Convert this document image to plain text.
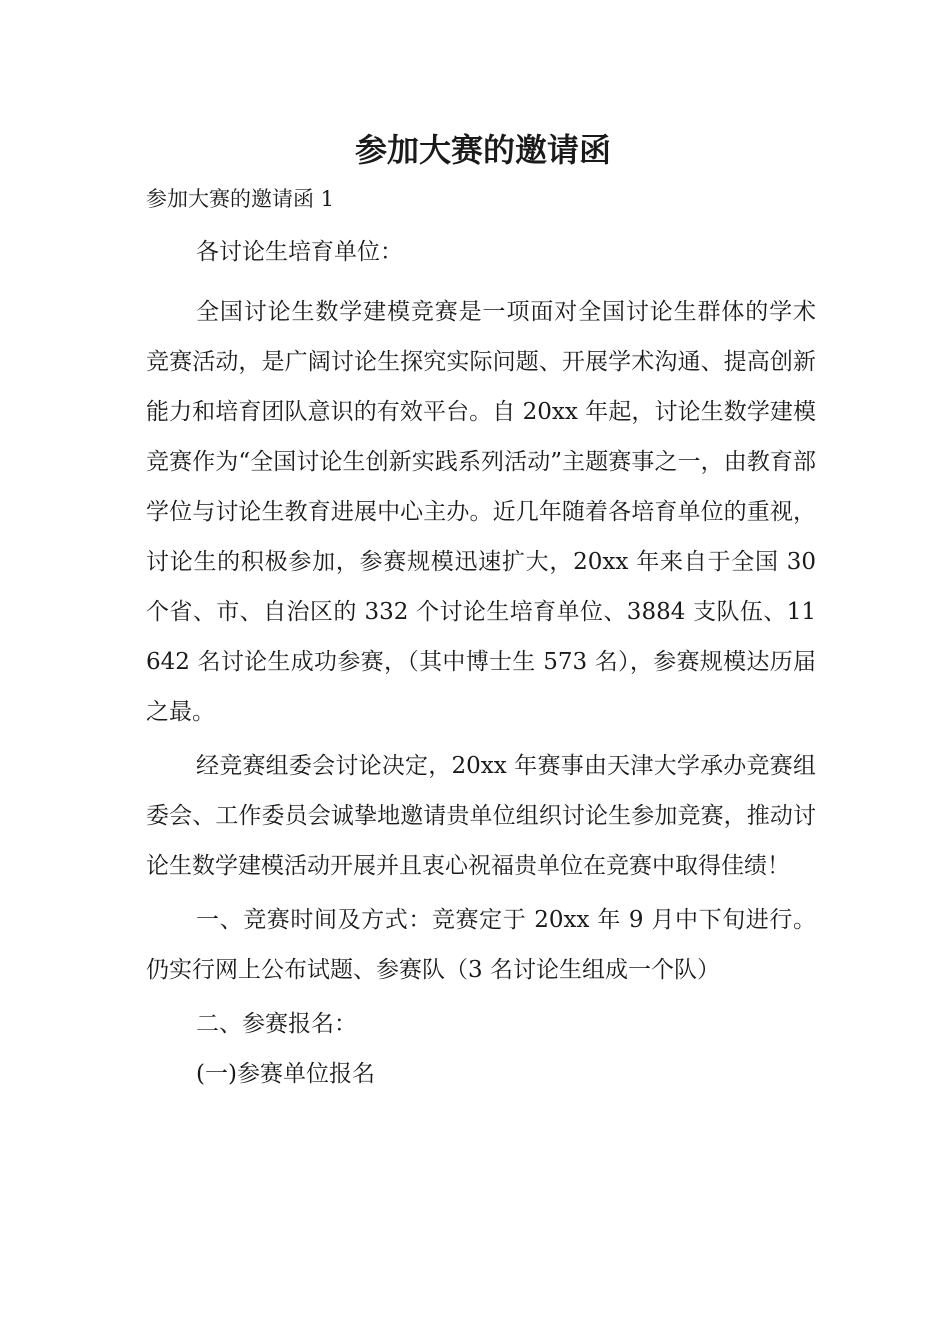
参加大赛的邀请函

参加大赛的邀请函 1

各讨论生培育单位：

全国讨论生数学建模竞赛是一项面对全国讨论生群体的学术竞赛活动，是广阔讨论生探究实际问题、开展学术沟通、提高创新能力和培育团队意识的有效平台。自 20xx 年起，讨论生数学建模竞赛作为“全国讨论生创新实践系列活动”主题赛事之一，由教育部学位与讨论生教育进展中心主办。近几年随着各培育单位的重视，讨论生的积极参加，参赛规模迅速扩大，20xx 年来自于全国 30 个省、市、自治区的 332 个讨论生培育单位、3884 支队伍、11642 名讨论生成功参赛，（其中博士生 573 名），参赛规模达历届之最。

经竞赛组委会讨论决定，20xx 年赛事由天津大学承办竞赛组委会、工作委员会诚挚地邀请贵单位组织讨论生参加竞赛，推动讨论生数学建模活动开展并且衷心祝福贵单位在竞赛中取得佳绩！

一、竞赛时间及方式：竞赛定于 20xx 年 9 月中下旬进行。仍实行网上公布试题、参赛队（3 名讨论生组成一个队）

二、参赛报名：

(一)参赛单位报名
